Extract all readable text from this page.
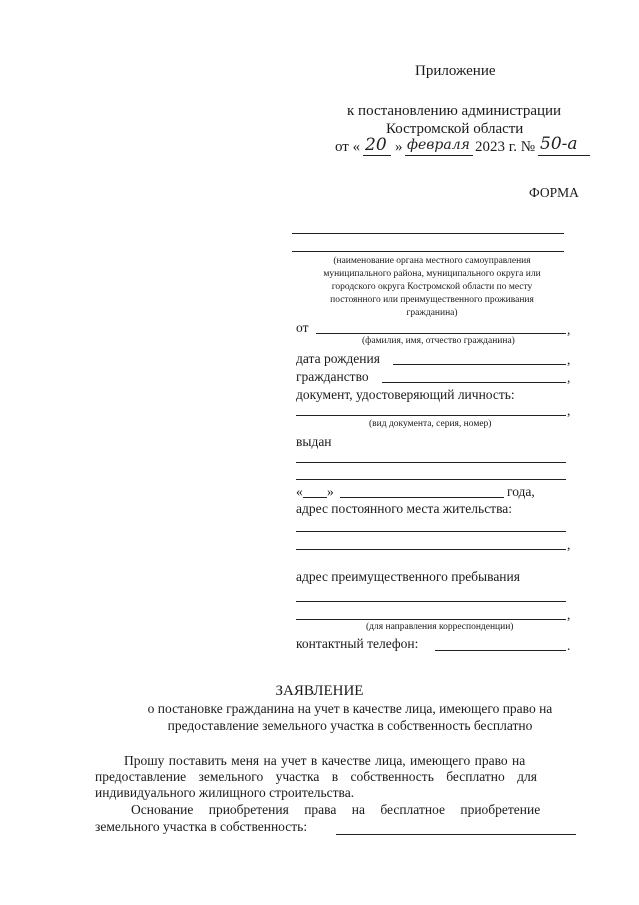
Приложение
к постановлению администрации
Костромской области
от « 20 » февраля 2023 г. № 50-а
ФОРМА
(наименование органа местного самоуправления муниципального района, муниципального округа или городского округа Костромской области по месту постоянного или преимущественного проживания гражданина)
от	,
(фамилия, имя, отчество гражданина)
дата рождения	,
гражданство	,
документ, удостоверяющий личность:
,
(вид документа, серия, номер)
выдан
« »	года,
адрес постоянного места жительства:
,
адрес преимущественного пребывания
,
(для направления корреспонденции)
контактный телефон:	.
ЗАЯВЛЕНИЕ
о постановке гражданина на учет в качестве лица, имеющего право на
предоставление земельного участка в собственность бесплатно
Прошу поставить меня на учет в качестве лица, имеющего право на
предоставление земельного участка в собственность бесплатно для
индивидуального жилищного строительства.
Основание приобретения права на бесплатное приобретение
земельного участка в собственность:
